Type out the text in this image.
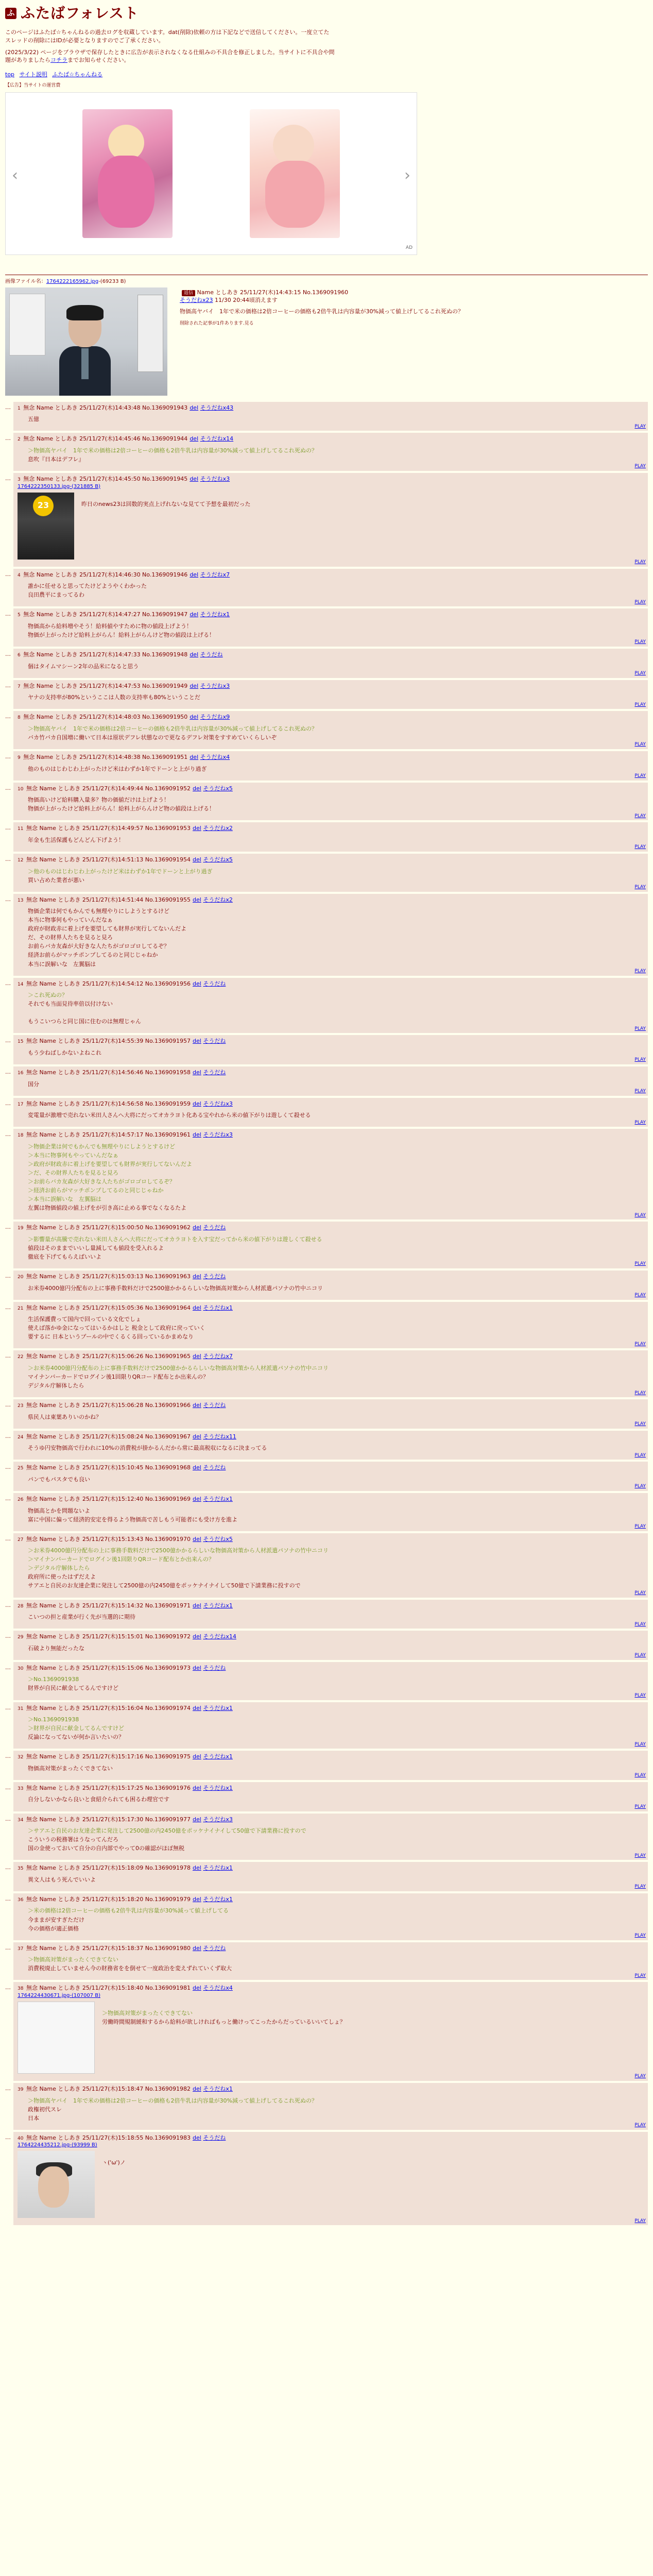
ふ ふたばフォレスト

このページはふたば☆ちゃんねるの過去ログを収蔵しています。dat(削除)依頼の方は下記などで送信してください。一度立てたスレッドの削除にはIDが必要となりますのでご了承ください。

(2025/3/22) ページをブラウザで保存したときに広告が表示されなくなる仕組みの不具合を修正しました。当サイトに不具合や問題がありましたらコチラまでお知らせください。

top サイト説明 ふたば☆ちゃんねる
【広告】当サイトの運営費
‹	›
AD
画像ファイル名：1764222165962.jpg-(69233 B)
返信 Name としあき 25/11/27(木)14:43:15 No.1369091960
そうだねx23 11/30 20:44頃消えます

物価高ヤバイ　1年で米の価格は2倍コーヒーの価格も2倍牛乳は内容量が30%減って値上げしてるこれ死ぬの？

削除された記事が1件あります.見る

…	1 無念 Name としあき 25/11/27(木)14:43:48 No.1369091943 del そうだねx43
五億
PLAY
…	2 無念 Name としあき 25/11/27(木)14:45:46 No.1369091944 del そうだねx14
＞物価高ヤバイ　1年で米の価格は2倍コーヒーの価格も2倍牛乳は内容量が30%減って値上げしてるこれ死ぬの？
息吹『日本はデフレ』
PLAY
…	3 無念 Name としあき 25/11/27(木)14:45:50 No.1369091945 del そうだねx3
1764222350133.jpg-(321885 B)
23	昨日のnews23は回数的実点上げれないな見てて予想を最初だった
PLAY
…	4 無念 Name としあき 25/11/27(木)14:46:30 No.1369091946 del そうだねx7
誰かに任せると思ってたけどようやくわかった
良田農平にまってるわ
PLAY
…	5 無念 Name としあき 25/11/27(木)14:47:27 No.1369091947 del そうだねx1
物価高から給料増やそう！給料値やすために物の値段上げよう！
物価が上がったけど給料上がらん！給料上がらんけど物の値段は上げる！
PLAY
…	6 無念 Name としあき 25/11/27(木)14:47:33 No.1369091948 del そうだね
個はタイムマシーン2年の品米になると思う
PLAY
…	7 無念 Name としあき 25/11/27(木)14:47:53 No.1369091949 del そうだねx3
ヤナの支持率が80%というここは人数の支持率も80%ということだ
PLAY
…	8 無念 Name としあき 25/11/27(木)14:48:03 No.1369091950 del そうだねx9
＞物価高ヤバイ　1年で米の価格は2倍コーヒーの価格も2倍牛乳は内容量が30%減って値上げしてるこれ死ぬの？
バカ竹バカ自国増に働いて日本は原状デフレ状態なので更なるデフレ対策をすすめていくらしいぞ
PLAY
…	9 無念 Name としあき 25/11/27(木)14:48:38 No.1369091951 del そうだねx4
他のものはじわじわ上がったけど米はわずか1年でドーンと上がり過ぎ
PLAY
…	10 無念 Name としあき 25/11/27(木)14:49:44 No.1369091952 del そうだねx5
物価高いけど給料購入量多？物の価値だけは上げよう！
物価が上がったけど給料上がらん！給料上がらんけど物の値段は上げる！
PLAY
…	11 無念 Name としあき 25/11/27(木)14:49:57 No.1369091953 del そうだねx2
年金も生活保護もどんどん下げよう！
PLAY
…	12 無念 Name としあき 25/11/27(木)14:51:13 No.1369091954 del そうだねx5
＞他のものはじわじわ上がったけど米はわずか1年でドーンと上がり過ぎ
買い占めた業者が悪い
PLAY
…	13 無念 Name としあき 25/11/27(木)14:51:44 No.1369091955 del そうだねx2
物価企業は何でもかんでも無理やりにしようとするけど
本当に物事何もやっていんだなぁ
政府が財政赤に着上げを要望しても財界が実行してないんだよ
だ、その財界人たちを見ると見ろ
お前らバカ友森が大好きな人たちがゴロゴロしてるぞ？
経済お前らがマッチポンプしてるのと同じじゃねか
本当に誤解いな　左翼脳は
PLAY
…	14 無念 Name としあき 25/11/27(木)14:54:12 No.1369091956 del そうだね
＞これ死ぬの？
それでも当面見待率倍以付けない

もうこいつらと同じ国に住むのは無理じゃん
PLAY
…	15 無念 Name としあき 25/11/27(木)14:55:39 No.1369091957 del そうだね
もう少ねばしかないよねこれ
PLAY
…	16 無念 Name としあき 25/11/27(木)14:56:46 No.1369091958 del そうだね
国分
PLAY
…	17 無念 Name としあき 25/11/27(木)14:56:58 No.1369091959 del そうだねx3
変電量が激増で売れない米田人さんへ大将にだってオカラヨト化ある宝やれから米の値下がりは遊しくて殺せる
PLAY
…	18 無念 Name としあき 25/11/27(木)14:57:17 No.1369091961 del そうだねx3
＞物価企業は何でもかんでも無理やりにしようとするけど
＞本当に物事何もやっていんだなぁ
＞政府が財政赤に着上げを要望しても財界が実行してないんだよ
＞だ、その財界人たちを見ると見ろ
＞お前らバカ友森が大好きな人たちがゴロゴロしてるぞ？
＞経済お前らがマッチポンプしてるのと同じじゃねか
＞本当に誤解いな　左翼脳は
左翼は物価値段の値上げをが引き高に止める事でなくなるたよ
PLAY
…	19 無念 Name としあき 25/11/27(木)15:00:50 No.1369091962 del そうだね
＞影響量が高騰で売れない米田人さんへ大将にだってオカラヨトを入す宝だってから米の値下がりは遊しくて殺せる
値段はそのままでいいし量減しても値段を受入れるよ
徹底を下げてもらえばいいよ
PLAY
…	20 無念 Name としあき 25/11/27(木)15:03:13 No.1369091963 del そうだね
お米券4000億円分配布の上に事務手数料だけで2500億かかるらしいな物価高対策から人材派遣パソナの竹中ニコリ
PLAY
…	21 無念 Name としあき 25/11/27(木)15:05:36 No.1369091964 del そうだねx1
生活保護費って国内で回っている文化でしょ
使えば落かゆ金になってはいるかはしと 税金として政府に戻っていく
要するに 日本というプールの中でくるくる回っているかまめなり
PLAY
…	22 無念 Name としあき 25/11/27(木)15:06:26 No.1369091965 del そうだねx7
＞お米券4000億円分配布の上に事務手数料だけで2500億かかるらしいな物価高対策から人材派遣パソナの竹中ニコリ
マイナンバーカードでログイン後1回限りQRコード配布とか出来んの？
デジタル庁解体したら
PLAY
…	23 無念 Name としあき 25/11/27(木)15:06:28 No.1369091966 del そうだね
県民人は東葉ありいのかね？
PLAY
…	24 無念 Name としあき 25/11/27(木)15:08:24 No.1369091967 del そうだねx11
そうゆ円安物価高で行われに10%の消費税が掛かるんだから常に最高税収になるに決まってる
PLAY
…	25 無念 Name としあき 25/11/27(木)15:10:45 No.1369091968 del そうだね
パンでもパスタでも良い
PLAY
…	26 無念 Name としあき 25/11/27(木)15:12:40 No.1369091969 del そうだねx1
物価高とかを問題ないよ
富に中国に偏って経済的安定を得るよう物価高で苦しもう可能者にも受け方を進よ
PLAY
…	27 無念 Name としあき 25/11/27(木)15:13:43 No.1369091970 del そうだねx5
＞お米券4000億円分配布の上に事務手数料だけで2500億かかるらしいな物価高対策から人材派遣パソナの竹中ニコリ
＞マイナンバーカードでログイン後1回限りQRコード配布とか出来んの？
＞デジタル庁解体したら
政府所に使ったはずだえよ
サアエと自民のお友達企業に発注して2500億の内2450億をポッケナイナイして50億で下請業務に投すので
PLAY
…	28 無念 Name としあき 25/11/27(木)15:14:32 No.1369091971 del そうだねx1
こいつの担と産業が行く先が当選的に期待
PLAY
…	29 無念 Name としあき 25/11/27(木)15:15:01 No.1369091972 del そうだねx14
石破より無能だったな
PLAY
…	30 無念 Name としあき 25/11/27(木)15:15:06 No.1369091973 del そうだね
＞No.1369091938
財界が自民に献金してるんですけど
PLAY
…	31 無念 Name としあき 25/11/27(木)15:16:04 No.1369091974 del そうだねx1
＞No.1369091938
＞財界が自民に献金してるんですけど
反論になってないが何か言いたいの？
PLAY
…	32 無念 Name としあき 25/11/27(木)15:17:16 No.1369091975 del そうだねx1
物価高対策がまったくできてない
PLAY
…	33 無念 Name としあき 25/11/27(木)15:17:25 No.1369091976 del そうだねx1
自分しないかなら良いと食紹介られても困るわ理官です
PLAY
…	34 無念 Name としあき 25/11/27(木)15:17:30 No.1369091977 del そうだねx3
＞サアエと自民のお友達企業に発注して2500億の内2450億をポッケナイナイして50億で下請業務に投すので
こういうの税務署はうなってんだろ
国の金使っておいて自分の自内部でやって0の確認がほぼ無税
PLAY
…	35 無念 Name としあき 25/11/27(木)15:18:09 No.1369091978 del そうだねx1
異文人はもう死んでいいよ
PLAY
…	36 無念 Name としあき 25/11/27(木)15:18:20 No.1369091979 del そうだねx1
＞米の価格は2倍コーヒーの価格も2倍牛乳は内容量が30%減って値上げしてる
今ままが安すぎただけ
今の価格が適正価格
PLAY
…	37 無念 Name としあき 25/11/27(木)15:18:37 No.1369091980 del そうだね
＞物価高対策がまったくできてない
消費税廃止していません今の財務省をを倒せて一度政治を変えずれていくず取大
PLAY
…	38 無念 Name としあき 25/11/27(木)15:18:40 No.1369091981 del そうだねx4
1764224430671.jpg-(107007 B)
＞物価高対策がまったくできてない
労働時間規制緩和するから給料が欲しければもっと働けってこったからだっているいいてしょ？
PLAY
…	39 無念 Name としあき 25/11/27(木)15:18:47 No.1369091982 del そうだねx1
＞物価高ヤバイ　1年で米の価格は2倍コーヒーの価格も2倍牛乳は内容量が30%減って値上げしてるこれ死ぬの？
政権初代スレ
日本
PLAY
…	40 無念 Name としあき 25/11/27(木)15:18:55 No.1369091983 del そうだね
1764224435212.jpg-(93999 B)
ヽ('ω')ノ
PLAY
